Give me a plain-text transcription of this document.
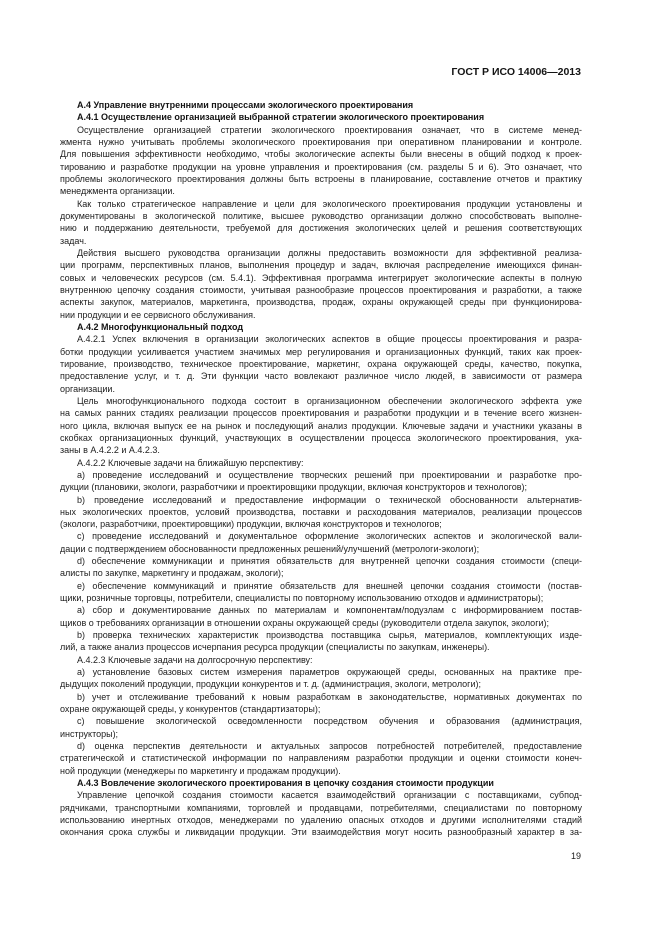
ГОСТ Р ИСО 14006—2013
А.4 Управление внутренними процессами экологического проектирования
А.4.1 Осуществление организацией выбранной стратегии экологического проектирования
Осуществление организацией стратегии экологического проектирования означает, что в системе менед-
жмента нужно учитывать проблемы экологического проектирования при оперативном планировании и контроле.
Для повышения эффективности необходимо, чтобы экологические аспекты были внесены в общий подход к проек-
тированию и разработке продукции на уровне управления и проектирования (см. разделы 5 и 6). Это означает, что
проблемы экологического проектирования должны быть встроены в планирование, составление отчетов и практику
менеджмента организации.
Как только стратегическое направление и цели для экологического проектирования продукции установлены и
документированы в экологической политике, высшее руководство организации должно способствовать выполне-
нию и поддержанию деятельности, требуемой для достижения экологических целей и решения соответствующих
задач.
Действия высшего руководства организации должны предоставить возможности для эффективной реализа-
ции программ, перспективных планов, выполнения процедур и задач, включая распределение имеющихся финан-
совых и человеческих ресурсов (см. 5.4.1). Эффективная программа интегрирует экологические аспекты в полную
внутреннюю цепочку создания стоимости, учитывая разнообразие процессов проектирования и разработки, а также
аспекты закупок, материалов, маркетинга, производства, продаж, охраны окружающей среды при функционирова-
нии продукции и ее сервисного обслуживания.
А.4.2 Многофункциональный подход
А.4.2.1 Успех включения в организации экологических аспектов в общие процессы проектирования и разра-
ботки продукции усиливается участием значимых мер регулирования и организационных функций, таких как проек-
тирование, производство, техническое проектирование, маркетинг, охрана окружающей среды, качество, покупка,
предоставление услуг, и т. д. Эти функции часто вовлекают различное число людей, в зависимости от размера
организации.
Цель многофункционального подхода состоит в организационном обеспечении экологического эффекта уже
на самых ранних стадиях реализации процессов проектирования и разработки продукции и в течение всего жизнен-
ного цикла, включая выпуск ее на рынок и последующий анализ продукции. Ключевые задачи и участники указаны в
скобках организационных функций, участвующих в осуществлении процесса экологического проектирования, ука-
заны в А.4.2.2 и А.4.2.3.
А.4.2.2 Ключевые задачи на ближайшую перспективу:
а) проведение исследований и осуществление творческих решений при проектировании и разработке про-
дукции (плановики, экологи, разработчики и проектировщики продукции, включая конструкторов и технологов);
b) проведение исследований и предоставление информации о технической обоснованности альтернатив-
ных экологических проектов, условий производства, поставки и расходования материалов, реализации процессов
(экологи, разработчики, проектировщики) продукции, включая конструкторов и технологов;
с) проведение исследований и документальное оформление экологических аспектов и экологической вали-
дации с подтверждением обоснованности предложенных решений/улучшений (метрологи-экологи);
d) обеспечение коммуникации и принятия обязательств для внутренней цепочки создания стоимости (специ-
алисты по закупке, маркетингу и продажам, экологи);
е) обеспечение коммуникаций и принятие обязательств для внешней цепочки создания стоимости (постав-
щики, розничные торговцы, потребители, специалисты по повторному использованию отходов и администраторы);
а) сбор и документирование данных по материалам и компонентам/подузлам с информированием постав-
щиков о требованиях организации в отношении охраны окружающей среды (руководители отдела закупок, экологи);
b) проверка технических характеристик производства поставщика сырья, материалов, комплектующих изде-
лий, а также анализ процессов исчерпания ресурса продукции (специалисты по закупкам, инженеры).
А.4.2.3 Ключевые задачи на долгосрочную перспективу:
а) установление базовых систем измерения параметров окружающей среды, основанных на практике пре-
дыдущих поколений продукции, продукции конкурентов и т. д. (администрация, экологи, метрологи);
b) учет и отслеживание требований к новым разработкам в законодательстве, нормативных документах по
охране окружающей среды, у конкурентов (стандартизаторы);
с) повышение экологической осведомленности посредством обучения и образования (администрация,
инструкторы);
d) оценка перспектив деятельности и актуальных запросов потребностей потребителей, предоставление
стратегической и статистической информации по направлениям разработки продукции и оценки стоимости конеч-
ной продукции (менеджеры по маркетингу и продажам продукции).
А.4.3 Вовлечение экологического проектирования в цепочку создания стоимости продукции
Управление цепочкой создания стоимости касается взаимодействий организации с поставщиками, субпод-
рядчиками, транспортными компаниями, торговлей и продавцами, потребителями, специалистами по повторному
использованию инертных отходов, менеджерами по удалению опасных отходов и другими исполнителями стадий
окончания срока службы и ликвидации продукции. Эти взаимодействия могут носить разнообразный характер в за-
19
